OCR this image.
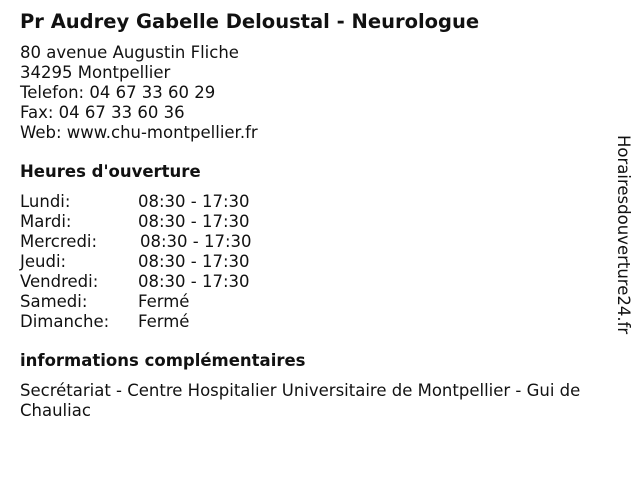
Pr Audrey Gabelle Deloustal - Neurologue
80 avenue Augustin Fliche
34295 Montpellier
Telefon: 04 67 33 60 29
Fax: 04 67 33 60 36
Web: www.chu-montpellier.fr
Heures d'ouverture
Lundi:	08:30 - 17:30
Mardi:	08:30 - 17:30
Mercredi:	08:30 - 17:30
Jeudi:	08:30 - 17:30
Vendredi:	08:30 - 17:30
Samedi:	Fermé
Dimanche:	Fermé
informations complémentaires
Secrétariat - Centre Hospitalier Universitaire de Montpellier - Gui de Chauliac
Horairesdouverture24.fr
